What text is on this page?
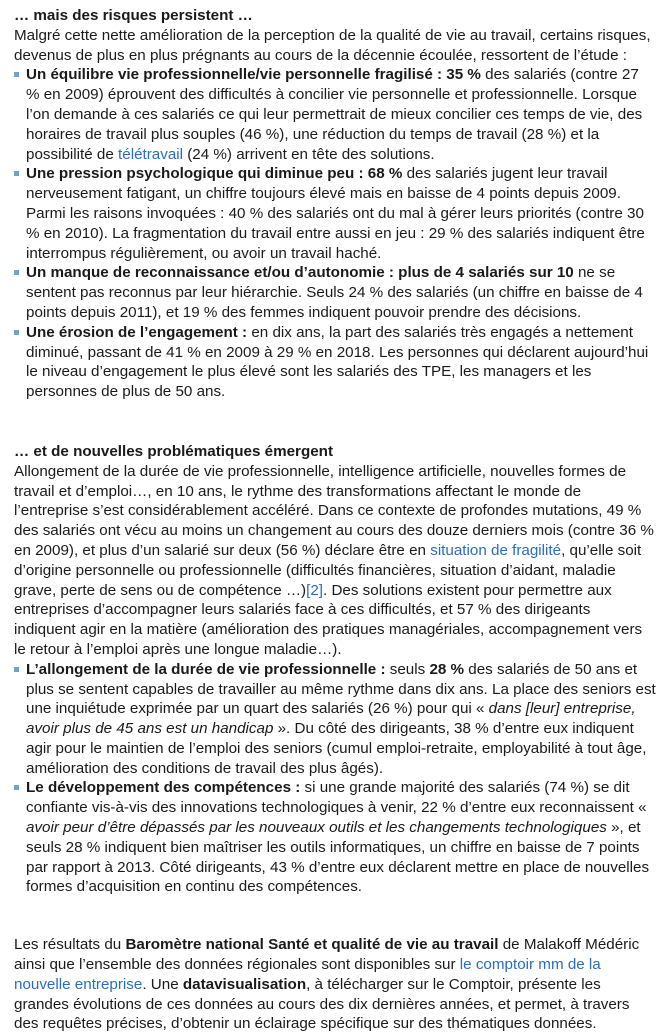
… mais des risques persistent …

Malgré cette nette amélioration de la perception de la qualité de vie au travail, certains risques, devenus de plus en plus prégnants au cours de la décennie écoulée, ressortent de l’étude :

Un équilibre vie professionnelle/vie personnelle fragilisé : 35 % des salariés (contre 27 % en 2009) éprouvent des difficultés à concilier vie personnelle et professionnelle. Lorsque l’on demande à ces salariés ce qui leur permettrait de mieux concilier ces temps de vie, des horaires de travail plus souples (46 %), une réduction du temps de travail (28 %) et la possibilité de télétravail (24 %) arrivent en tête des solutions.
Une pression psychologique qui diminue peu : 68 % des salariés jugent leur travail nerveusement fatigant, un chiffre toujours élevé mais en baisse de 4 points depuis 2009. Parmi les raisons invoquées : 40 % des salariés ont du mal à gérer leurs priorités (contre 30 % en 2010). La fragmentation du travail entre aussi en jeu : 29 % des salariés indiquent être interrompus régulièrement, ou avoir un travail haché.
Un manque de reconnaissance et/ou d’autonomie : plus de 4 salariés sur 10 ne se sentent pas reconnus par leur hiérarchie. Seuls 24 % des salariés (un chiffre en baisse de 4 points depuis 2011), et 19 % des femmes indiquent pouvoir prendre des décisions.
Une érosion de l’engagement : en dix ans, la part des salariés très engagés a nettement diminué, passant de 41 % en 2009 à 29 % en 2018. Les personnes qui déclarent aujourd’hui le niveau d’engagement le plus élevé sont les salariés des TPE, les managers et les personnes de plus de 50 ans.

… et de nouvelles problématiques émergent

Allongement de la durée de vie professionnelle, intelligence artificielle, nouvelles formes de travail et d’emploi…, en 10 ans, le rythme des transformations affectant le monde de l’entreprise s’est considérablement accéléré. Dans ce contexte de profondes mutations, 49 % des salariés ont vécu au moins un changement au cours des douze derniers mois (contre 36 % en 2009), et plus d’un salarié sur deux (56 %) déclare être en situation de fragilité, qu’elle soit d’origine personnelle ou professionnelle (difficultés financières, situation d’aidant, maladie grave, perte de sens ou de compétence …)[2]. Des solutions existent pour permettre aux entreprises d’accompagner leurs salariés face à ces difficultés, et 57 % des dirigeants indiquent agir en la matière (amélioration des pratiques managériales, accompagnement vers le retour à l’emploi après une longue maladie…).

L’allongement de la durée de vie professionnelle : seuls 28 % des salariés de 50 ans et plus se sentent capables de travailler au même rythme dans dix ans. La place des seniors est une inquiétude exprimée par un quart des salariés (26 %) pour qui « dans [leur] entreprise, avoir plus de 45 ans est un handicap ». Du côté des dirigeants, 38 % d’entre eux indiquent agir pour le maintien de l’emploi des seniors (cumul emploi-retraite, employabilité à tout âge, amélioration des conditions de travail des plus âgés).
Le développement des compétences : si une grande majorité des salariés (74 %) se dit confiante vis-à-vis des innovations technologiques à venir, 22 % d’entre eux reconnaissent « avoir peur d’être dépassés par les nouveaux outils et les changements technologiques », et seuls 28 % indiquent bien maîtriser les outils informatiques, un chiffre en baisse de 7 points par rapport à 2013. Côté dirigeants, 43 % d’entre eux déclarent mettre en place de nouvelles formes d’acquisition en continu des compétences.

Les résultats du Baromètre national Santé et qualité de vie au travail de Malakoff Médéric ainsi que l’ensemble des données régionales sont disponibles sur le comptoir mm de la nouvelle entreprise. Une datavisualisation, à télécharger sur le Comptoir, présente les grandes évolutions de ces données au cours des dix dernières années, et permet, à travers des requêtes précises, d’obtenir un éclairage spécifique sur des thématiques données.
